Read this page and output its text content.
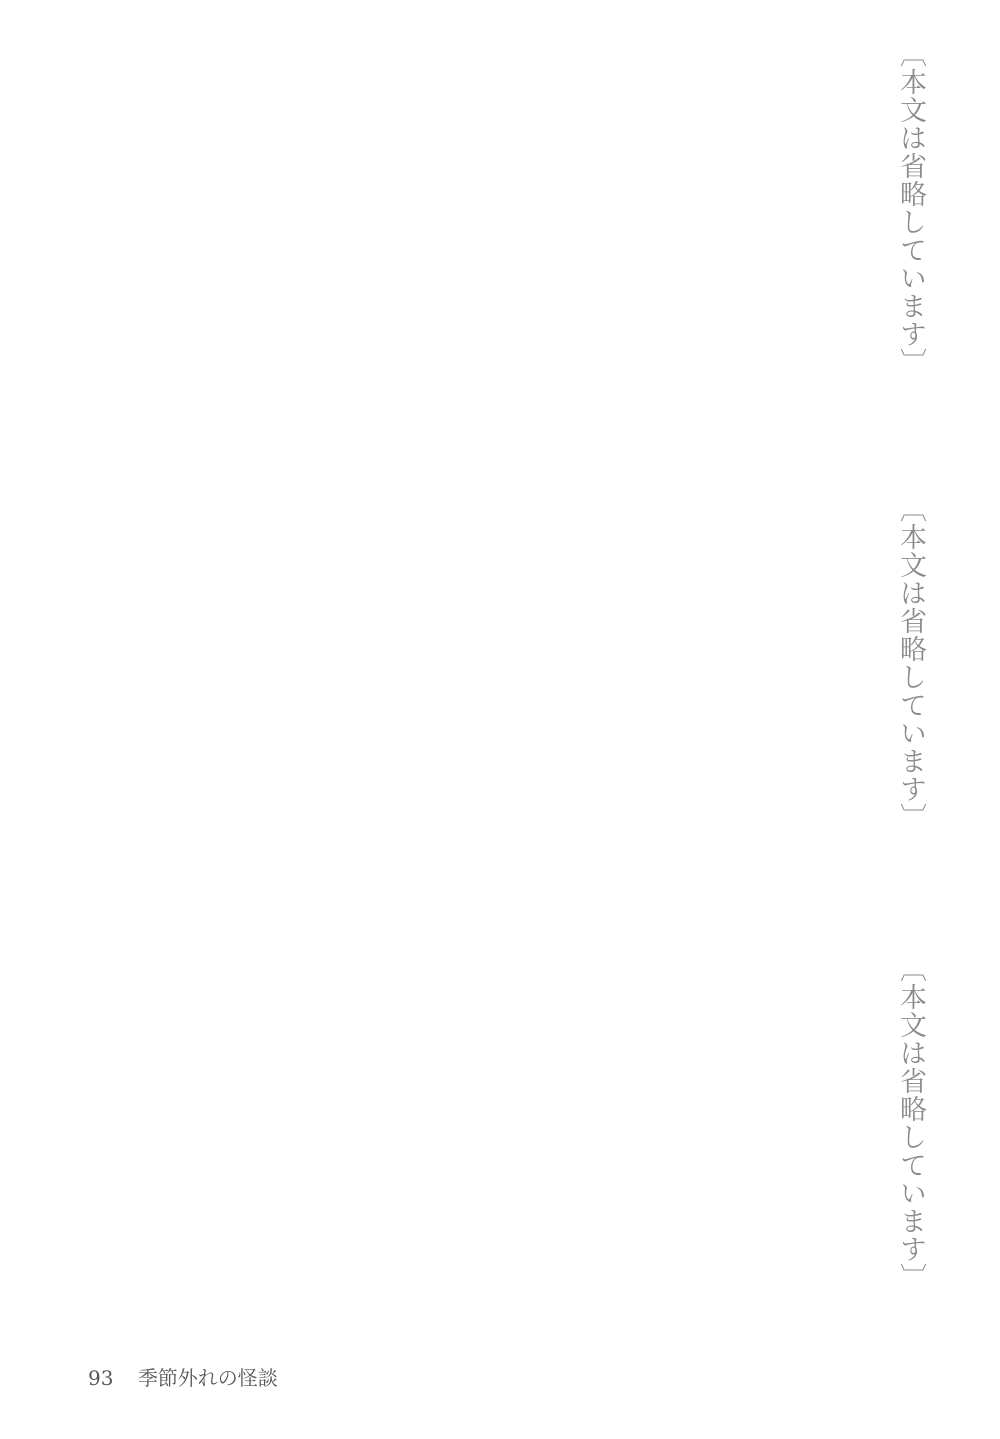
〔本文は省略しています〕

〔本文は省略しています〕

〔本文は省略しています〕

93 季節外れの怪談
